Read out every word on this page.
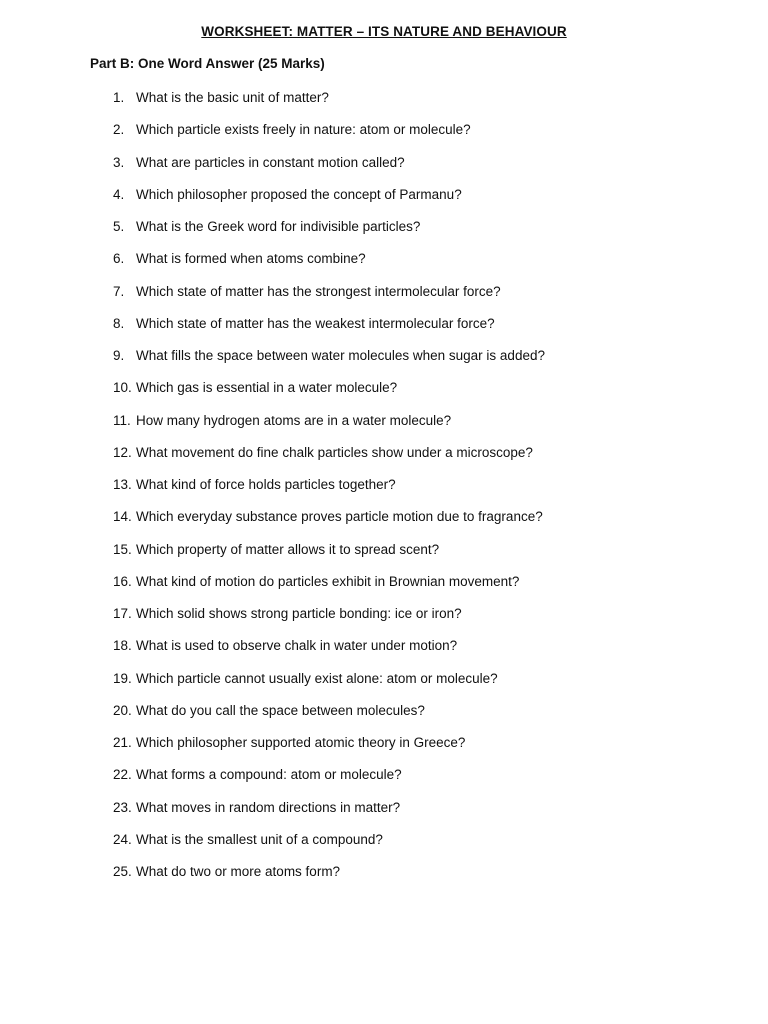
WORKSHEET: MATTER – ITS NATURE AND BEHAVIOUR
Part B: One Word Answer (25 Marks)
1. What is the basic unit of matter?
2. Which particle exists freely in nature: atom or molecule?
3. What are particles in constant motion called?
4. Which philosopher proposed the concept of Parmanu?
5. What is the Greek word for indivisible particles?
6. What is formed when atoms combine?
7. Which state of matter has the strongest intermolecular force?
8. Which state of matter has the weakest intermolecular force?
9. What fills the space between water molecules when sugar is added?
10. Which gas is essential in a water molecule?
11. How many hydrogen atoms are in a water molecule?
12. What movement do fine chalk particles show under a microscope?
13. What kind of force holds particles together?
14. Which everyday substance proves particle motion due to fragrance?
15. Which property of matter allows it to spread scent?
16. What kind of motion do particles exhibit in Brownian movement?
17. Which solid shows strong particle bonding: ice or iron?
18. What is used to observe chalk in water under motion?
19. Which particle cannot usually exist alone: atom or molecule?
20. What do you call the space between molecules?
21. Which philosopher supported atomic theory in Greece?
22. What forms a compound: atom or molecule?
23. What moves in random directions in matter?
24. What is the smallest unit of a compound?
25. What do two or more atoms form?
